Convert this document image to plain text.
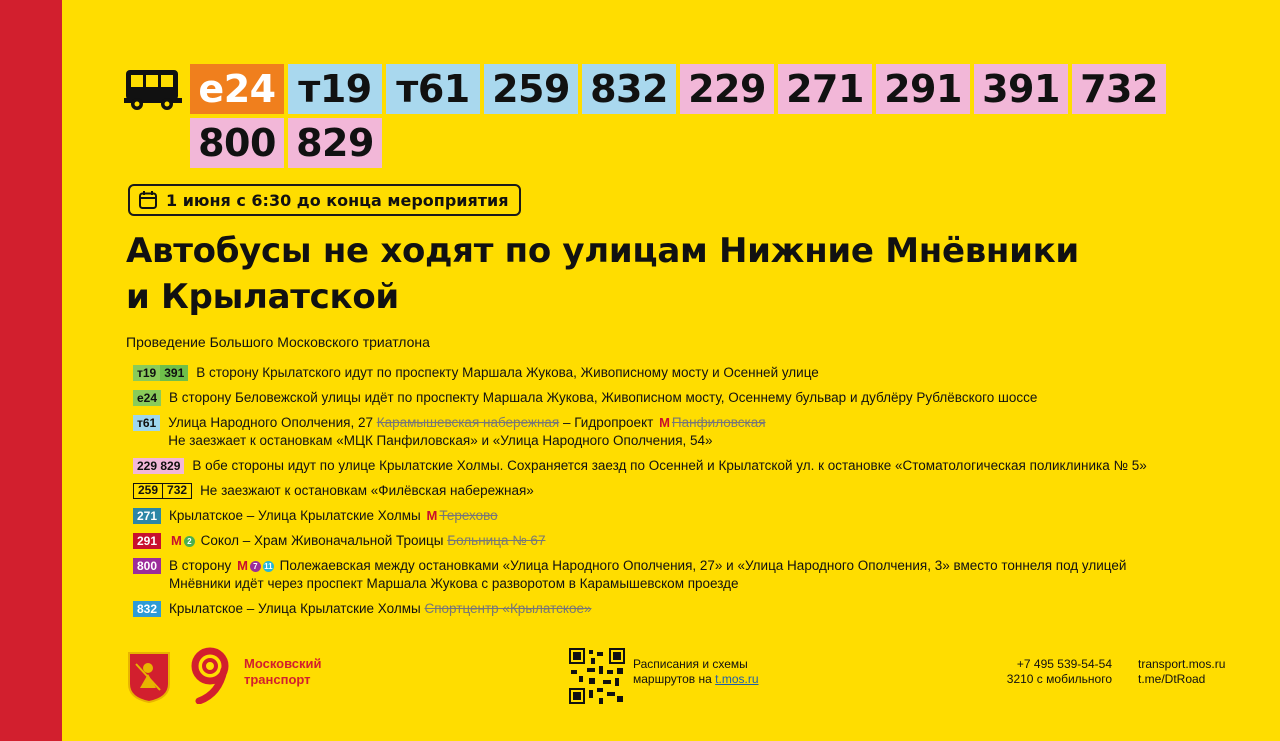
е24 т19 т61 259 832 229 271 291 391 732
800 829
1 июня с 6:30 до конца мероприятия
Автобусы не ходят по улицам Нижние Мнёвники
и Крылатской
Проведение Большого Московского триатлона
т19 391 В сторону Крылатского идут по проспекту Маршала Жукова, Живописному мосту и Осенней улице
е24 В сторону Беловежской улицы идёт по проспекту Маршала Жукова, Живописном мосту, Осеннему бульвар и дублёру Рублёвского шоссе
т61 Улица Народного Ополчения, 27 Карамышевская набережная – Гидропроект М Панфиловская
Не заезжает к остановкам «МЦК Панфиловская» и «Улица Народного Ополчения, 54»
229 829 В обе стороны идут по улице Крылатские Холмы. Сохраняется заезд по Осенней и Крылатской ул. к остановке «Стоматологическая поликлиника № 5»
259 732 Не заезжают к остановкам «Филёвская набережная»
271 Крылатское – Улица Крылатские Холмы М Терехово
291	М 2 Сокол – Храм Живоначальной Троицы Больница № 67
800 В сторону М 7 11 Полежаевская между остановками «Улица Народного Ополчения, 27» и «Улица Народного Ополчения, 3» вместо тоннеля под улицей
Мнёвники идёт через проспект Маршала Жукова с разворотом в Карамышевском проезде
832 Крылатское – Улица Крылатские Холмы Спортцентр «Крылатское»
Московский
транспорт
Расписания и схемы
маршрутов на t.mos.ru
+7 495 539-54-54
3210 с мобильного
transport.mos.ru
t.me/DtRoad
